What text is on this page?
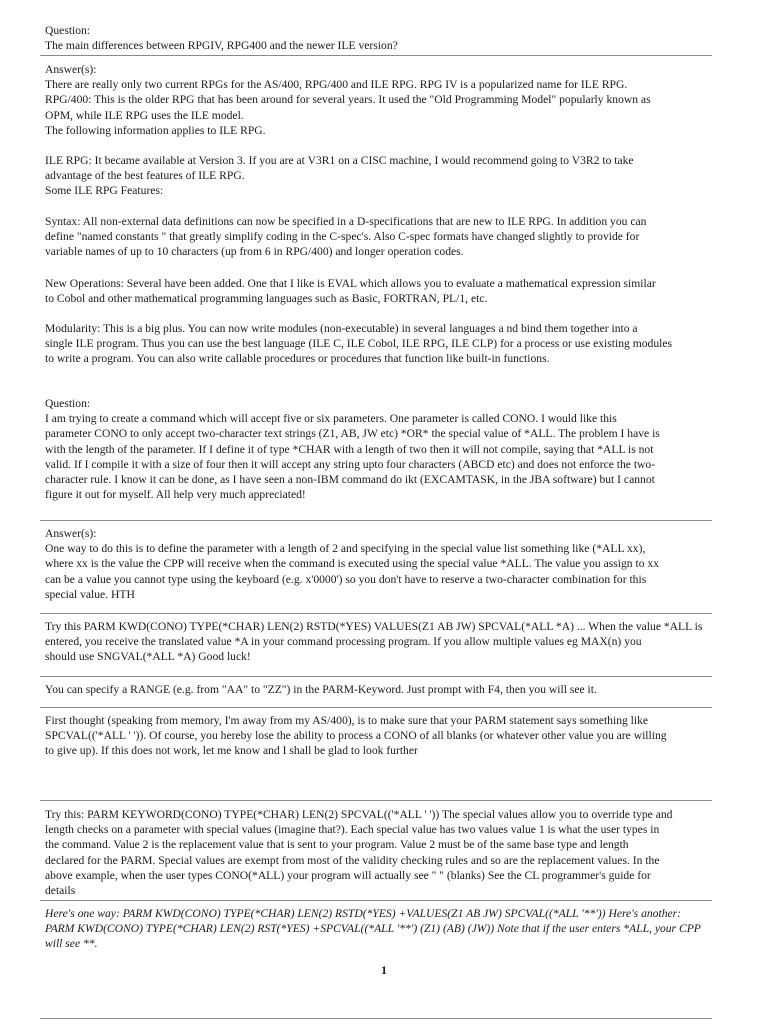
Question:

The main differences between RPGIV, RPG400 and the newer ILE version?

Answer(s):

There are really only two current RPGs for the AS/400, RPG/400 and ILE RPG. RPG IV is a popularized name for ILE RPG.

RPG/400: This is the older RPG that has been around for several years. It used the "Old Programming Model" popularly known as

OPM, while ILE RPG uses the ILE model.

The following information applies to ILE RPG.

ILE RPG: It became available at Version 3. If you are at V3R1 on a CISC machine, I would recommend going to V3R2 to take

advantage of the best features of ILE RPG.

Some ILE RPG Features:

Syntax: All non-external data definitions can now be specified in a D-specifications that are new to ILE RPG. In addition you can

define "named constants " that greatly simplify coding in the C-spec's. Also C-spec formats have changed slightly to provide for

variable names of up to 10 characters (up from 6 in RPG/400) and longer operation codes.

New Operations: Several have been added. One that I like is EVAL which allows you to evaluate a mathematical expression similar

to Cobol and other mathematical programming languages such as Basic, FORTRAN, PL/1, etc.

Modularity: This is a big plus. You can now write modules (non-executable) in several languages a nd bind them together into a

single ILE program. Thus you can use the best language (ILE C, ILE Cobol, ILE RPG, ILE CLP) for a process or use existing modules

to write a program. You can also write callable procedures or procedures that function like built-in functions.

Question:

I am trying to create a command which will accept five or six parameters. One parameter is called CONO. I would like this

parameter CONO to only accept two-character text strings (Z1, AB, JW etc) *OR* the special value of *ALL. The problem I have is

with the length of the parameter. If I define it of type *CHAR with a length of two then it will not compile, saying that *ALL is not

valid. If I compile it with a size of four then it will accept any string upto four characters (ABCD etc) and does not enforce the two-

character rule. I know it can be done, as I have seen a non-IBM command do ikt (EXCAMTASK, in the JBA software) but I cannot

figure it out for myself. All help very much appreciated!

Answer(s):

One way to do this is to define the parameter with a length of 2 and specifying in the special value list something like (*ALL xx),

where xx is the value the CPP will receive when the command is executed using the special value *ALL. The value you assign to xx

can be a value you cannot type using the keyboard (e.g. x'0000') so you don't have to reserve a two-character combination for this

special value. HTH

Try this PARM KWD(CONO) TYPE(*CHAR) LEN(2) RSTD(*YES) VALUES(Z1 AB JW) SPCVAL(*ALL *A) ... When the value *ALL is

entered, you receive the translated value *A in your command processing program. If you allow multiple values eg MAX(n) you

should use SNGVAL(*ALL *A) Good luck!

You can specify a RANGE (e.g. from "AA" to "ZZ") in the PARM-Keyword. Just prompt with F4, then you will see it.

First thought (speaking from memory, I'm away from my AS/400), is to make sure that your PARM statement says something like

SPCVAL(('*ALL ' ')). Of course, you hereby lose the ability to process a CONO of all blanks (or whatever other value you are willing

to give up). If this does not work, let me know and I shall be glad to look further

Try this: PARM KEYWORD(CONO) TYPE(*CHAR) LEN(2) SPCVAL(('*ALL ' ')) The special values allow you to override type and

length checks on a parameter with special values (imagine that?). Each special value has two values value 1 is what the user types in

the command. Value 2 is the replacement value that is sent to your program. Value 2 must be of the same base type and length

declared for the PARM. Special values are exempt from most of the validity checking rules and so are the replacement values. In the

above example, when the user types CONO(*ALL) your program will actually see " " (blanks) See the CL programmer's guide for

details

Here's one way: PARM KWD(CONO) TYPE(*CHAR) LEN(2) RSTD(*YES) +VALUES(Z1 AB JW) SPCVAL((*ALL '**')) Here's another:

PARM KWD(CONO) TYPE(*CHAR) LEN(2) RST(*YES) +SPCVAL((*ALL '**') (Z1) (AB) (JW)) Note that if the user enters *ALL, your CPP

will see **.

1
